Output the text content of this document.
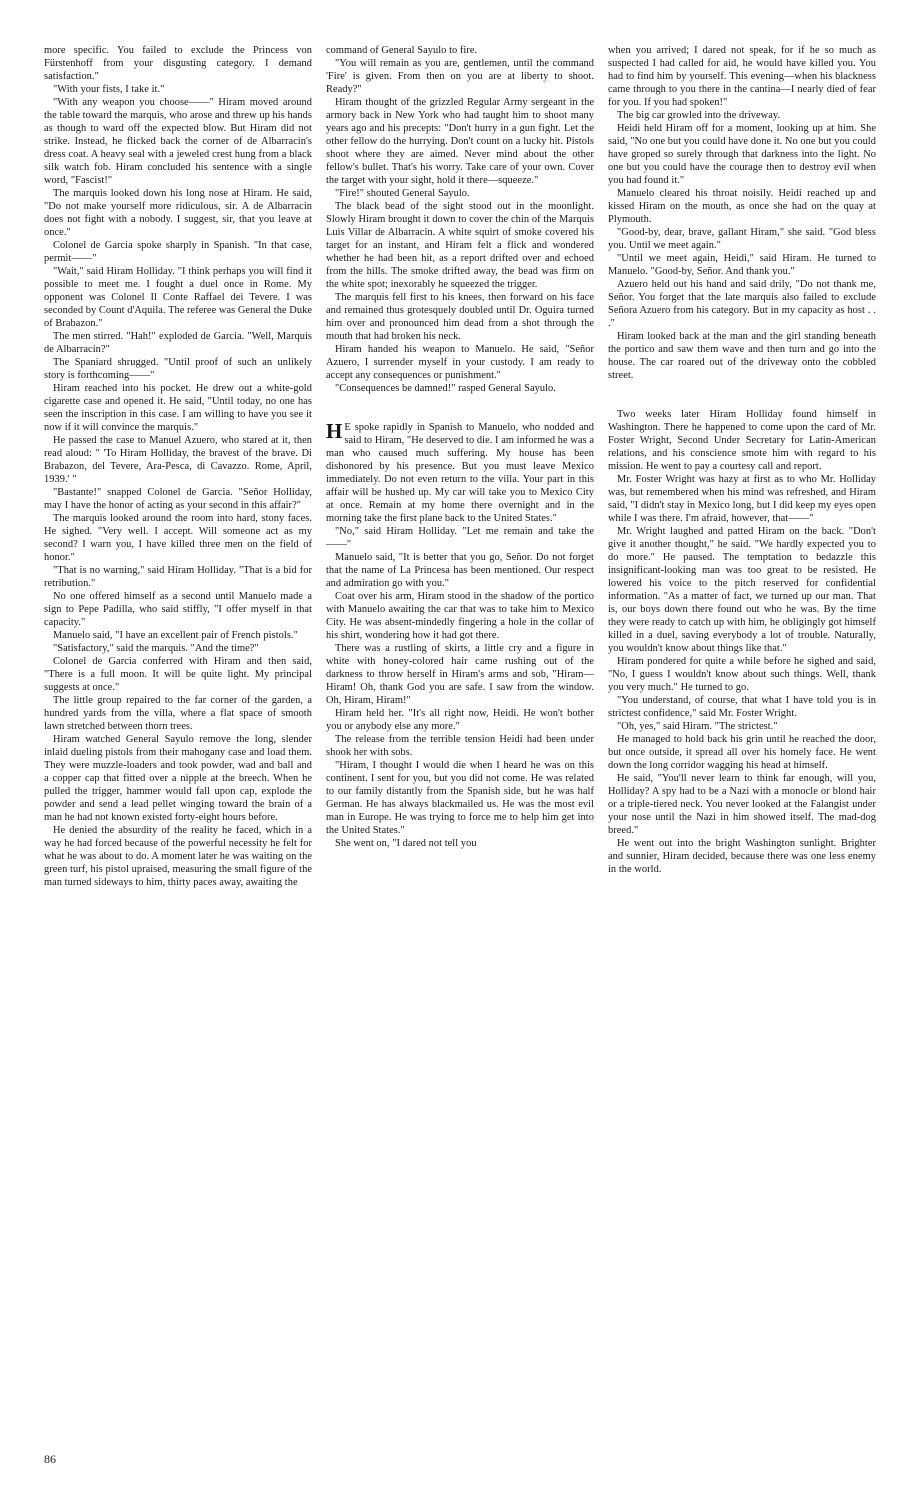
more specific. You failed to exclude the Princess von Fürstenhoff from your disgusting category. I demand satisfaction."

"With your fists, I take it."

"With any weapon you choose——" Hiram moved around the table toward the marquis, who arose and threw up his hands as though to ward off the expected blow. But Hiram did not strike. Instead, he flicked back the corner of de Albarracin's dress coat. A heavy seal with a jeweled crest hung from a black silk watch fob. Hiram concluded his sentence with a single word, "Fascist!"

The marquis looked down his long nose at Hiram. He said, "Do not make yourself more ridiculous, sir. A de Albarracin does not fight with a nobody. I suggest, sir, that you leave at once."

Colonel de Garcia spoke sharply in Spanish. "In that case, permit——"

"Wait," said Hiram Holliday. "I think perhaps you will find it possible to meet me. I fought a duel once in Rome. My opponent was Colonel Il Conte Raffael dei Tevere. I was seconded by Count d'Aquila. The referee was General the Duke of Brabazon."

The men stirred. "Hah!" exploded de Garcia. "Well, Marquis de Albarracin?"

The Spaniard shrugged. "Until proof of such an unlikely story is forthcoming——"

Hiram reached into his pocket. He drew out a white-gold cigarette case and opened it. He said, "Until today, no one has seen the inscription in this case. I am willing to have you see it now if it will convince the marquis."

He passed the case to Manuel Azuero, who stared at it, then read aloud: " 'To Hiram Holliday, the bravest of the brave. Di Brabazon, del Tevere, Ara-Pesca, di Cavazzo. Rome, April, 1939.' "

"Bastante!" snapped Colonel de Garcia. "Señor Holliday, may I have the honor of acting as your second in this affair?"

The marquis looked around the room into hard, stony faces. He sighed. "Very well. I accept. Will someone act as my second? I warn you, I have killed three men on the field of honor."

"That is no warning," said Hiram Holliday. "That is a bid for retribution."

No one offered himself as a second until Manuelo made a sign to Pepe Padilla, who said stiffly, "I offer myself in that capacity."

Manuelo said, "I have an excellent pair of French pistols."

"Satisfactory," said the marquis. "And the time?"

Colonel de Garcia conferred with Hiram and then said, "There is a full moon. It will be quite light. My principal suggests at once."

The little group repaired to the far corner of the garden, a hundred yards from the villa, where a flat space of smooth lawn stretched between thorn trees.

Hiram watched General Sayulo remove the long, slender inlaid dueling pistols from their mahogany case and load them. They were muzzle-loaders and took powder, wad and ball and a copper cap that fitted over a nipple at the breech. When he pulled the trigger, hammer would fall upon cap, explode the powder and send a lead pellet winging toward the brain of a man he had not known existed forty-eight hours before.

He denied the absurdity of the reality he faced, which in a way he had forced because of the powerful necessity he felt for what he was about to do. A moment later he was waiting on the green turf, his pistol upraised, measuring the small figure of the man turned sideways to him, thirty paces away, awaiting the

command of General Sayulo to fire.

"You will remain as you are, gentlemen, until the command 'Fire' is given. From then on you are at liberty to shoot. Ready?"

Hiram thought of the grizzled Regular Army sergeant in the armory back in New York who had taught him to shoot many years ago and his precepts: "Don't hurry in a gun fight. Let the other fellow do the hurrying. Don't count on a lucky hit. Pistols shoot where they are aimed. Never mind about the other fellow's bullet. That's his worry. Take care of your own. Cover the target with your sight, hold it there—squeeze."

"Fire!" shouted General Sayulo.

The black bead of the sight stood out in the moonlight. Slowly Hiram brought it down to cover the chin of the Marquis Luis Villar de Albarracin. A white squirt of smoke covered his target for an instant, and Hiram felt a flick and wondered whether he had been hit, as a report drifted over and echoed from the hills. The smoke drifted away, the bead was firm on the white spot; inexorably he squeezed the trigger.

The marquis fell first to his knees, then forward on his face and remained thus grotesquely doubled until Dr. Oguira turned him over and pronounced him dead from a shot through the mouth that had broken his neck.

Hiram handed his weapon to Manuelo. He said, "Señor Azuero, I surrender myself in your custody. I am ready to accept any consequences or punishment."

"Consequences be damned!" rasped General Sayulo.

H E spoke rapidly in Spanish to Manuelo, who nodded and said to Hiram, "He deserved to die. I am informed he was a man who caused much suffering. My house has been dishonored by his presence. But you must leave Mexico immediately. Do not even return to the villa. Your part in this affair will be hushed up. My car will take you to Mexico City at once. Remain at my home there overnight and in the morning take the first plane back to the United States."

"No," said Hiram Holliday. "Let me remain and take the——"

Manuelo said, "It is better that you go, Señor. Do not forget that the name of La Princesa has been mentioned. Our respect and admiration go with you."

Coat over his arm, Hiram stood in the shadow of the portico with Manuelo awaiting the car that was to take him to Mexico City. He was absent-mindedly fingering a hole in the collar of his shirt, wondering how it had got there.

There was a rustling of skirts, a little cry and a figure in white with honey-colored hair came rushing out of the darkness to throw herself in Hiram's arms and sob, "Hiram—Hiram! Oh, thank God you are safe. I saw from the window. Oh, Hiram, Hiram!"

Hiram held her. "It's all right now, Heidi. He won't bother you or anybody else any more."

The release from the terrible tension Heidi had been under shook her with sobs.

"Hiram, I thought I would die when I heard he was on this continent. I sent for you, but you did not come. He was related to our family distantly from the Spanish side, but he was half German. He has always blackmailed us. He was the most evil man in Europe. He was trying to force me to help him get into the United States."

She went on, "I dared not tell you

when you arrived; I dared not speak, for if he so much as suspected I had called for aid, he would have killed you. You had to find him by yourself. This evening—when his blackness came through to you there in the cantina—I nearly died of fear for you. If you had spoken!"

The big car growled into the driveway.

Heidi held Hiram off for a moment, looking up at him. She said, "No one but you could have done it. No one but you could have groped so surely through that darkness into the light. No one but you could have the courage then to destroy evil when you had found it."

Manuelo cleared his throat noisily. Heidi reached up and kissed Hiram on the mouth, as once she had on the quay at Plymouth.

"Good-by, dear, brave, gallant Hiram," she said. "God bless you. Until we meet again."

"Until we meet again, Heidi," said Hiram. He turned to Manuelo. "Good-by, Señor. And thank you."

Azuero held out his hand and said drily, "Do not thank me, Señor. You forget that the late marquis also failed to exclude Señora Azuero from his category. But in my capacity as host . . ."

Hiram looked back at the man and the girl standing beneath the portico and saw them wave and then turn and go into the house. The car roared out of the driveway onto the cobbled street.

Two weeks later Hiram Holliday found himself in Washington. There he happened to come upon the card of Mr. Foster Wright, Second Under Secretary for Latin-American relations, and his conscience smote him with regard to his mission. He went to pay a courtesy call and report.

Mr. Foster Wright was hazy at first as to who Mr. Holliday was, but remembered when his mind was refreshed, and Hiram said, "I didn't stay in Mexico long, but I did keep my eyes open while I was there. I'm afraid, however, that——"

Mr. Wright laughed and patted Hiram on the back. "Don't give it another thought," he said. "We hardly expected you to do more." He paused. The temptation to bedazzle this insignificant-looking man was too great to be resisted. He lowered his voice to the pitch reserved for confidential information. "As a matter of fact, we turned up our man. That is, our boys down there found out who he was. By the time they were ready to catch up with him, he obligingly got himself killed in a duel, saving everybody a lot of trouble. Naturally, you wouldn't know about things like that."

Hiram pondered for quite a while before he sighed and said, "No, I guess I wouldn't know about such things. Well, thank you very much." He turned to go.

"You understand, of course, that what I have told you is in strictest confidence," said Mr. Foster Wright.

"Oh, yes," said Hiram. "The strictest."

He managed to hold back his grin until he reached the door, but once outside, it spread all over his homely face. He went down the long corridor wagging his head at himself.

He said, "You'll never learn to think far enough, will you, Holliday? A spy had to be a Nazi with a monocle or blond hair or a triple-tiered neck. You never looked at the Falangist under your nose until the Nazi in him showed itself. The mad-dog breed."

He went out into the bright Washington sunlight. Brighter and sunnier, Hiram decided, because there was one less enemy in the world.

86
